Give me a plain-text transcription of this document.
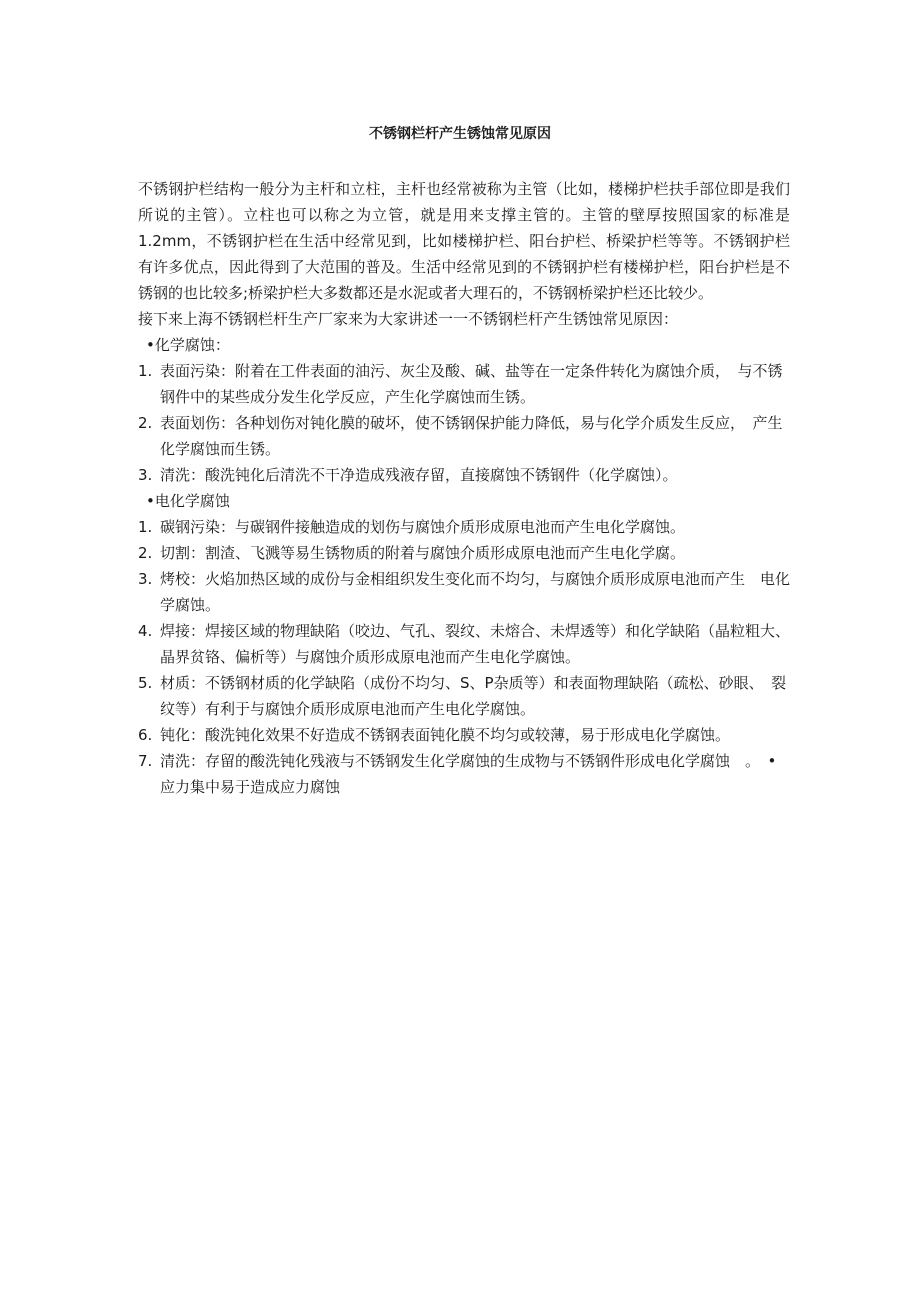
不锈钢栏杆产生锈蚀常见原因

不锈钢护栏结构一般分为主杆和立柱，主杆也经常被称为主管（比如，楼梯护栏扶手部位即是我们所说的主管）。立柱也可以称之为立管，就是用来支撑主管的。主管的壁厚按照国家的标准是1.2mm，不锈钢护栏在生活中经常见到，比如楼梯护栏、阳台护栏、桥梁护栏等等。不锈钢护栏有许多优点，因此得到了大范围的普及。生活中经常见到的不锈钢护栏有楼梯护栏，阳台护栏是不锈钢的也比较多;桥梁护栏大多数都还是水泥或者大理石的，不锈钢桥梁护栏还比较少。

接下来上海不锈钢栏杆生产厂家来为大家讲述一一不锈钢栏杆产生锈蚀常见原因：

•化学腐蚀：

1. 表面污染：附着在工件表面的油污、灰尘及酸、碱、盐等在一定条件转化为腐蚀介质，　与不锈钢件中的某些成分发生化学反应，产生化学腐蚀而生锈。
2. 表面划伤：各种划伤对钝化膜的破坏，使不锈钢保护能力降低，易与化学介质发生反应，　产生化学腐蚀而生锈。
3. 清洗：酸洗钝化后清洗不干净造成残液存留，直接腐蚀不锈钢件（化学腐蚀）。

•电化学腐蚀

1. 碳钢污染：与碳钢件接触造成的划伤与腐蚀介质形成原电池而产生电化学腐蚀。
2. 切割：割渣、飞溅等易生锈物质的附着与腐蚀介质形成原电池而产生电化学腐。
3. 烤校：火焰加热区域的成份与金相组织发生变化而不均匀，与腐蚀介质形成原电池而产生　电化学腐蚀。
4. 焊接：焊接区域的物理缺陷（咬边、气孔、裂纹、未熔合、未焊透等）和化学缺陷（晶粒粗大、　晶界贫铬、偏析等）与腐蚀介质形成原电池而产生电化学腐蚀。
5. 材质：不锈钢材质的化学缺陷（成份不均匀、S、P杂质等）和表面物理缺陷（疏松、砂眼、　裂纹等）有利于与腐蚀介质形成原电池而产生电化学腐蚀。
6. 钝化：酸洗钝化效果不好造成不锈钢表面钝化膜不均匀或较薄，易于形成电化学腐蚀。
7. 清洗：存留的酸洗钝化残液与不锈钢发生化学腐蚀的生成物与不锈钢件形成电化学腐蚀　。　•应力集中易于造成应力腐蚀
